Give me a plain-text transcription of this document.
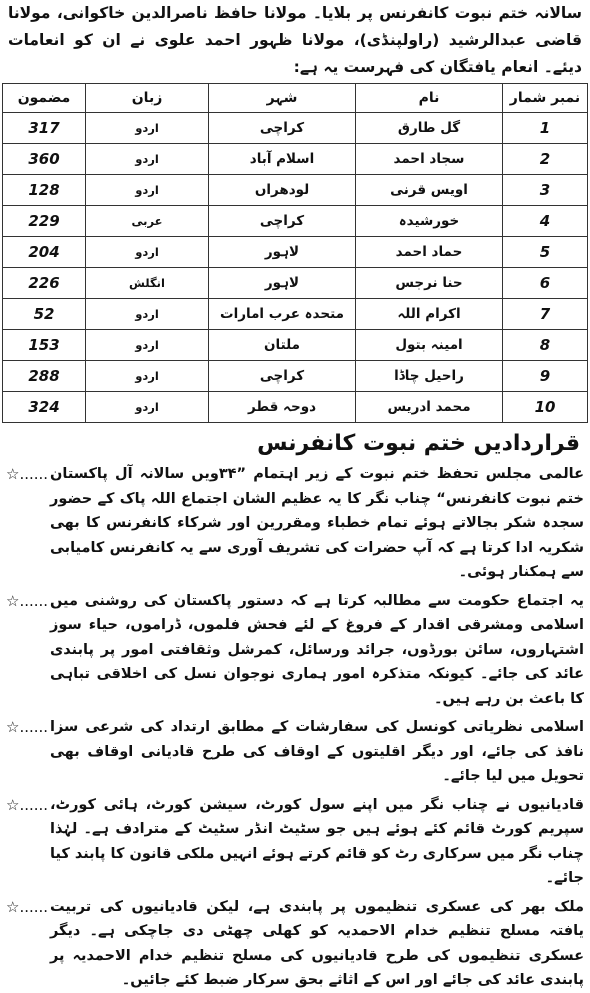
سالانہ ختم نبوت کانفرنس پر بلایا۔ مولانا حافظ ناصرالدین خاکوانی، مولانا قاضی عبدالرشید (راولپنڈی)، مولانا ظہور احمد علوی نے ان کو انعامات دیئے۔ انعام یافتگان کی فہرست یہ ہے:
نمبر شمار	نام	شہر	زبان	مضمون
1	گل طارق	کراچی	اردو	317
2	سجاد احمد	اسلام آباد	اردو	360
3	اویس قرنی	لودھراں	اردو	128
4	خورشیدہ	کراچی	عربی	229
5	حماد احمد	لاہور	اردو	204
6	حنا نرجس	لاہور	انگلش	226
7	اکرام اللہ	متحدہ عرب امارات	اردو	52
8	امینہ بتول	ملتان	اردو	153
9	راحیل چاڈا	کراچی	اردو	288
10	محمد ادریس	دوحہ قطر	اردو	324
قراردادیں ختم نبوت کانفرنس
☆...... عالمی مجلس تحفظ ختم نبوت کے زیر اہتمام ”۳۴ویں سالانہ آل پاکستان ختم نبوت کانفرنس“ چناب نگر کا یہ عظیم الشان اجتماع اللہ پاک کے حضور سجدہ شکر بجالاتے ہوئے تمام خطباء ومقررین اور شرکاء کانفرنس کا بھی شکریہ ادا کرتا ہے کہ آپ حضرات کی تشریف آوری سے یہ کانفرنس کامیابی سے ہمکنار ہوئی۔
☆...... یہ اجتماع حکومت سے مطالبہ کرتا ہے کہ دستور پاکستان کی روشنی میں اسلامی ومشرقی اقدار کے فروغ کے لئے فحش فلموں، ڈراموں، حیاء سوز اشتہاروں، سائن بورڈوں، جرائد ورسائل، کمرشل وثقافتی امور پر پابندی عائد کی جائے۔ کیونکہ متذکرہ امور ہماری نوجوان نسل کی اخلاقی تباہی کا باعث بن رہے ہیں۔
☆...... اسلامی نظریاتی کونسل کی سفارشات کے مطابق ارتداد کی شرعی سزا نافذ کی جائے، اور دیگر اقلیتوں کے اوقاف کی طرح قادیانی اوقاف بھی تحویل میں لیا جائے۔
☆...... قادیانیوں نے چناب نگر میں اپنے سول کورٹ، سیشن کورٹ، ہائی کورٹ، سپریم کورٹ قائم کئے ہوئے ہیں جو سٹیٹ انڈر سٹیٹ کے مترادف ہے۔ لہٰذا چناب نگر میں سرکاری رٹ کو قائم کرتے ہوئے انہیں ملکی قانون کا پابند کیا جائے۔
☆...... ملک بھر کی عسکری تنظیموں پر پابندی ہے، لیکن قادیانیوں کی تربیت یافتہ مسلح تنظیم خدام الاحمدیہ کو کھلی چھٹی دی جاچکی ہے۔ دیگر عسکری تنظیموں کی طرح قادیانیوں کی مسلح تنظیم خدام الاحمدیہ پر پابندی عائد کی جائے اور اس کے اثاثے بحق سرکار ضبط کئے جائیں۔
